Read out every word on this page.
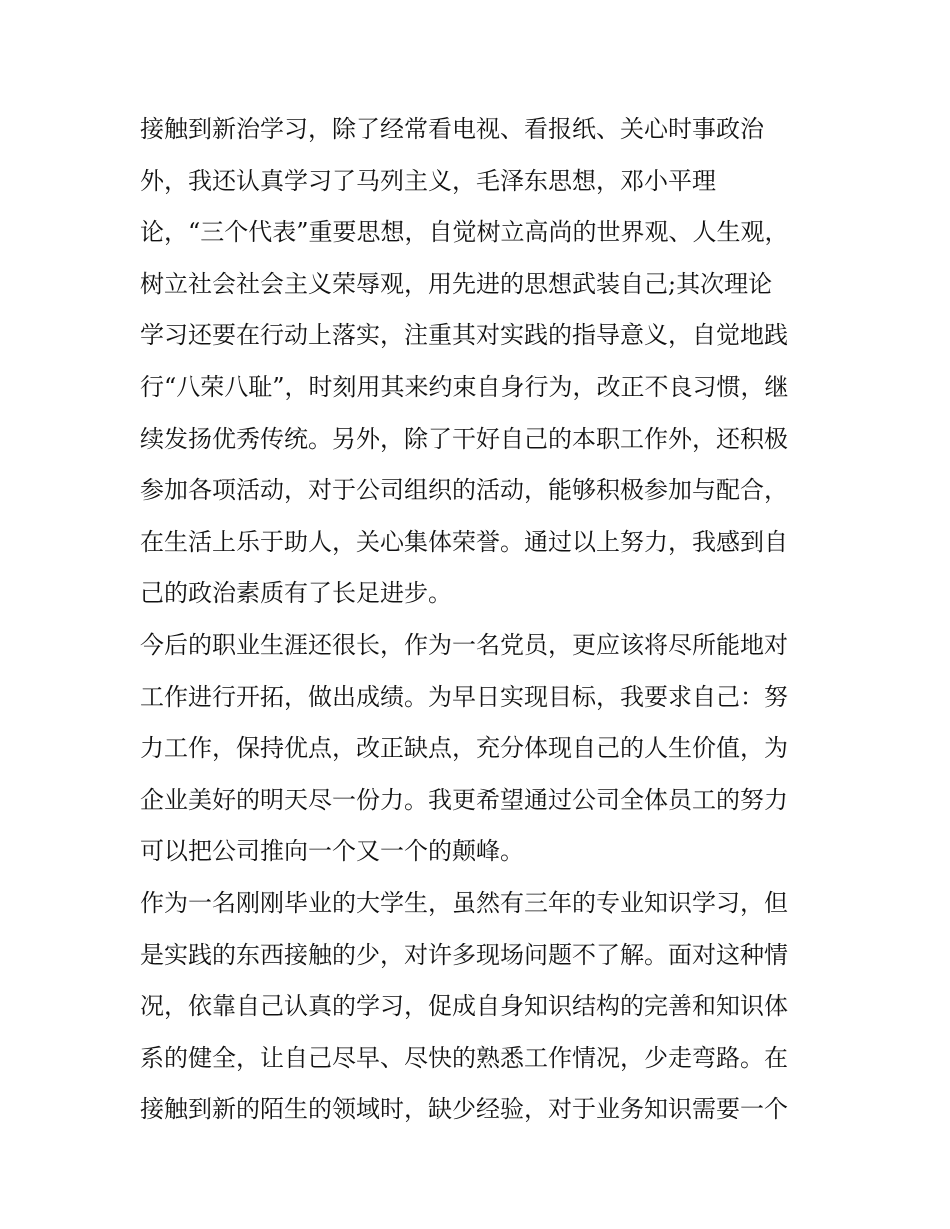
接触到新治学习，除了经常看电视、看报纸、关心时事政治
外，我还认真学习了马列主义，毛泽东思想，邓小平理
论，“三个代表”重要思想，自觉树立高尚的世界观、人生观，
树立社会社会主义荣辱观，用先进的思想武装自己;其次理论
学习还要在行动上落实，注重其对实践的指导意义，自觉地践
行“八荣八耻”，时刻用其来约束自身行为，改正不良习惯，继
续发扬优秀传统。另外，除了干好自己的本职工作外，还积极
参加各项活动，对于公司组织的活动，能够积极参加与配合，
在生活上乐于助人，关心集体荣誉。通过以上努力，我感到自
己的政治素质有了长足进步。
今后的职业生涯还很长，作为一名党员，更应该将尽所能地对
工作进行开拓，做出成绩。为早日实现目标，我要求自己：努
力工作，保持优点，改正缺点，充分体现自己的人生价值，为
企业美好的明天尽一份力。我更希望通过公司全体员工的努力
可以把公司推向一个又一个的颠峰。
作为一名刚刚毕业的大学生，虽然有三年的专业知识学习，但
是实践的东西接触的少，对许多现场问题不了解。面对这种情
况，依靠自己认真的学习，促成自身知识结构的完善和知识体
系的健全，让自己尽早、尽快的熟悉工作情况，少走弯路。在
接触到新的陌生的领域时，缺少经验，对于业务知识需要一个
